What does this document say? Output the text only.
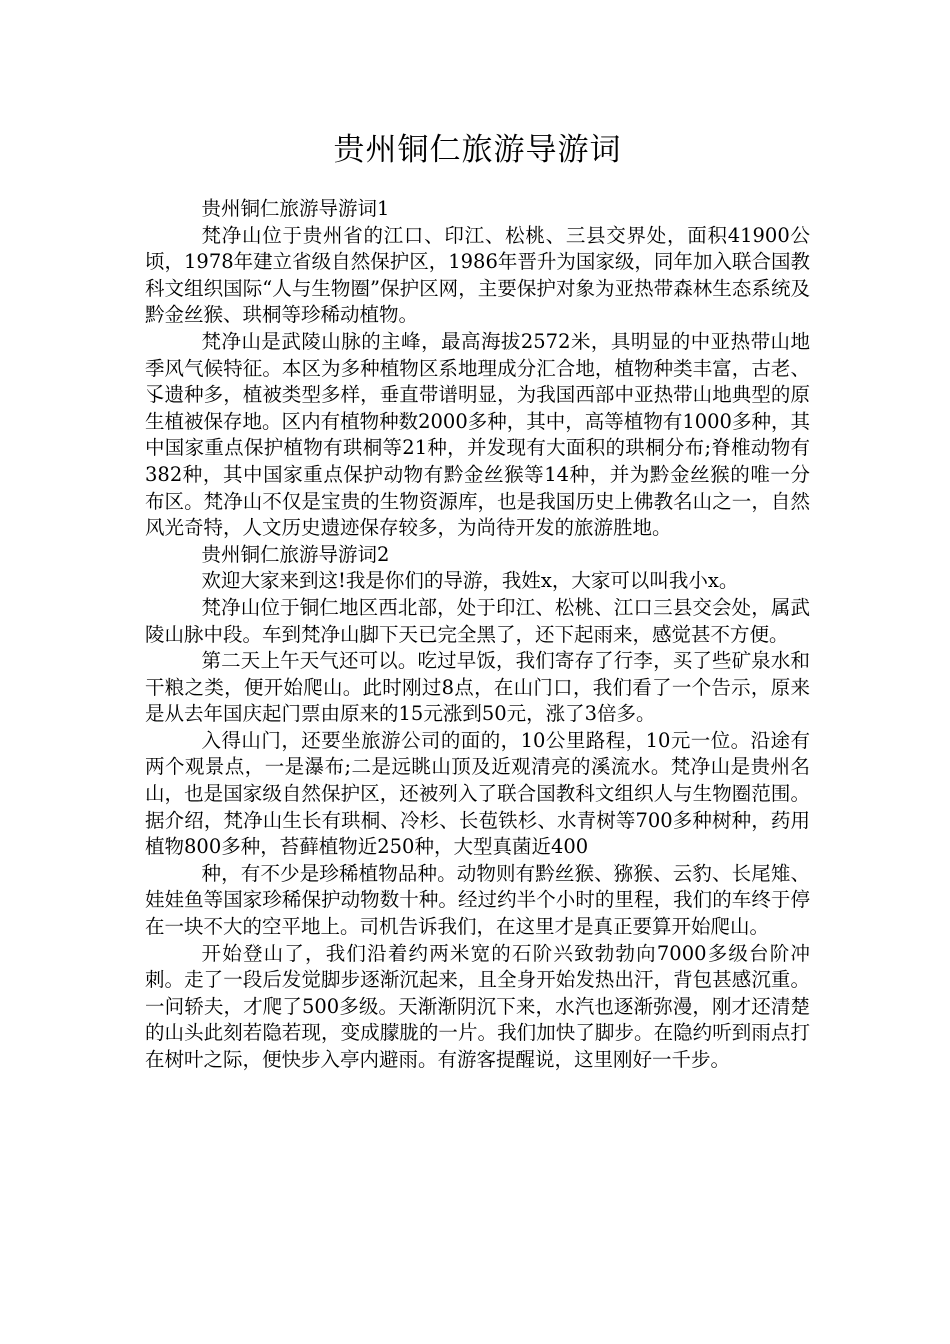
贵州铜仁旅游导游词

贵州铜仁旅游导游词1

梵净山位于贵州省的江口、印江、松桃、三县交界处，面积41900公顷，1978年建立省级自然保护区，1986年晋升为国家级，同年加入联合国教科文组织国际“人与生物圈”保护区网，主要保护对象为亚热带森林生态系统及黔金丝猴、珙桐等珍稀动植物。

梵净山是武陵山脉的主峰，最高海拔2572米，具明显的中亚热带山地季风气候特征。本区为多种植物区系地理成分汇合地，植物种类丰富，古老、孓遗种多，植被类型多样，垂直带谱明显，为我国西部中亚热带山地典型的原生植被保存地。区内有植物种数2000多种，其中，高等植物有1000多种，其中国家重点保护植物有珙桐等21种，并发现有大面积的珙桐分布;脊椎动物有382种，其中国家重点保护动物有黔金丝猴等14种，并为黔金丝猴的唯一分布区。梵净山不仅是宝贵的生物资源库，也是我国历史上佛教名山之一，自然风光奇特，人文历史遗迹保存较多，为尚待开发的旅游胜地。

贵州铜仁旅游导游词2

欢迎大家来到这!我是你们的导游，我姓x，大家可以叫我小x。

梵净山位于铜仁地区西北部，处于印江、松桃、江口三县交会处，属武陵山脉中段。车到梵净山脚下天已完全黑了，还下起雨来，感觉甚不方便。

第二天上午天气还可以。吃过早饭，我们寄存了行李，买了些矿泉水和干粮之类，便开始爬山。此时刚过8点，在山门口，我们看了一个告示，原来是从去年国庆起门票由原来的15元涨到50元，涨了3倍多。

入得山门，还要坐旅游公司的面的，10公里路程，10元一位。沿途有两个观景点，一是瀑布;二是远眺山顶及近观清亮的溪流水。梵净山是贵州名山，也是国家级自然保护区，还被列入了联合国教科文组织人与生物圈范围。据介绍，梵净山生长有珙桐、冷杉、长苞铁杉、水青树等700多种树种，药用植物800多种，苔藓植物近250种，大型真菌近400

种，有不少是珍稀植物品种。动物则有黔丝猴、猕猴、云豹、长尾雉、娃娃鱼等国家珍稀保护动物数十种。经过约半个小时的里程，我们的车终于停在一块不大的空平地上。司机告诉我们，在这里才是真正要算开始爬山。

开始登山了，我们沿着约两米宽的石阶兴致勃勃向7000多级台阶冲刺。走了一段后发觉脚步逐渐沉起来，且全身开始发热出汗，背包甚感沉重。一问轿夫，才爬了500多级。天渐渐阴沉下来，水汽也逐渐弥漫，刚才还清楚的山头此刻若隐若现，变成朦胧的一片。我们加快了脚步。在隐约听到雨点打在树叶之际，便快步入亭内避雨。有游客提醒说，这里刚好一千步。
